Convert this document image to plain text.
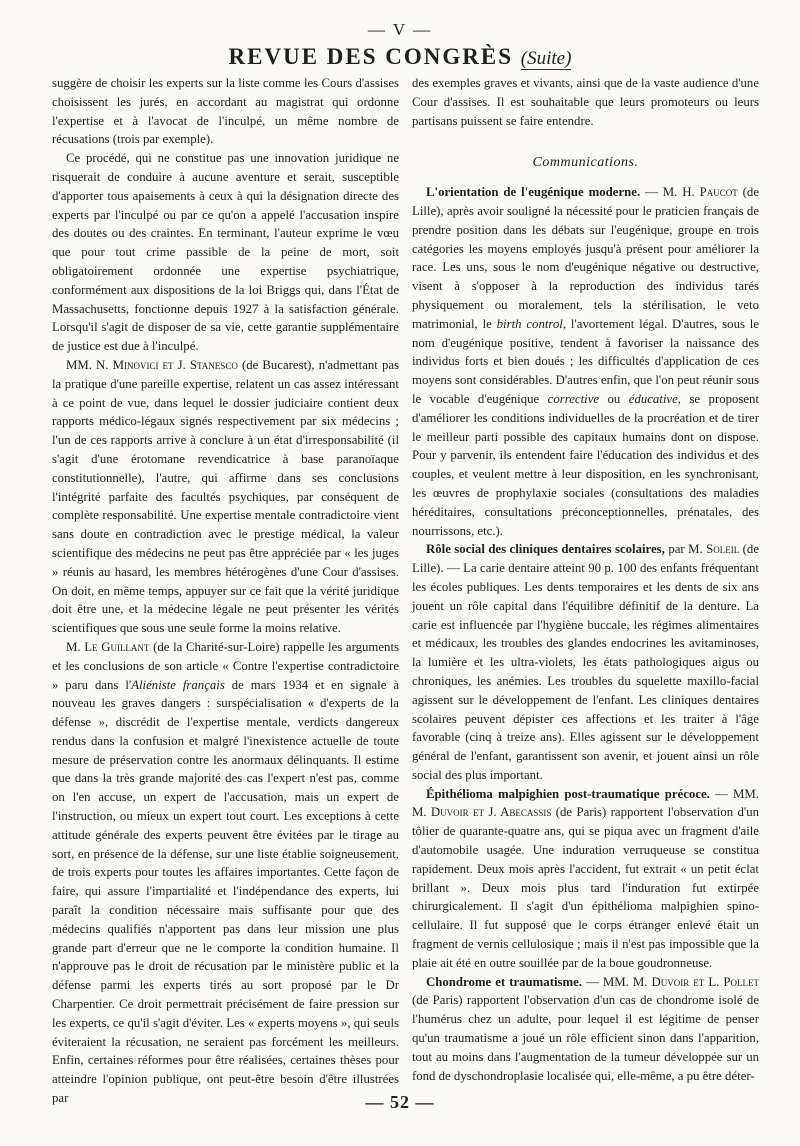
— V —
REVUE DES CONGRÈS (Suite)

suggère de choisir les experts sur la liste comme les Cours d'assises choisissent les jurés, en accordant au magistrat qui ordonne l'expertise et à l'avocat de l'inculpé, un même nombre de récusations (trois par exemple).

Ce procédé, qui ne constitue pas une innovation juridique ne risquerait de conduire à aucune aventure et serait, susceptible d'apporter tous apaisements à ceux à qui la désignation directe des experts par l'inculpé ou par ce qu'on a appelé l'accusation inspire des doutes ou des craintes. En terminant, l'auteur exprime le vœu que pour tout crime passible de la peine de mort, soit obligatoirement ordonnée une expertise psychiatrique, conformément aux dispositions de la loi Briggs qui, dans l'État de Massachusetts, fonctionne depuis 1927 à la satisfaction générale. Lorsqu'il s'agit de disposer de sa vie, cette garantie supplémentaire de justice est due à l'inculpé.

MM. N. Minovici et J. Stanesco (de Bucarest), n'admettant pas la pratique d'une pareille expertise, relatent un cas assez intéressant à ce point de vue, dans lequel le dossier judiciaire contient deux rapports médico-légaux signés respectivement par six médecins ; l'un de ces rapports arrive à conclure à un état d'irresponsabilité (il s'agit d'une érotomane revendicatrice à base paranoïaque constitutionnelle), l'autre, qui affirme dans ses conclusions l'intégrité parfaite des facultés psychiques, par conséquent de complète responsabilité. Une expertise mentale contradictoire vient sans doute en contradiction avec le prestige médical, la valeur scientifique des médecins ne peut pas être appréciée par « les juges » réunis au hasard, les membres hétérogènes d'une Cour d'assises. On doit, en même temps, appuyer sur ce fait que la vérité juridique doit être une, et la médecine légale ne peut présenter les vérités scientifiques que sous une seule forme la moins relative.

M. Le Guillant (de la Charité-sur-Loire) rappelle les arguments et les conclusions de son article « Contre l'expertise contradictoire » paru dans l'Aliéniste français de mars 1934 et en signale à nouveau les graves dangers : surspécialisation « d'experts de la défense », discrédit de l'expertise mentale, verdicts dangereux rendus dans la confusion et malgré l'inexistence actuelle de toute mesure de préservation contre les anormaux délinquants. Il estime que dans la très grande majorité des cas l'expert n'est pas, comme on l'en accuse, un expert de l'accusation, mais un expert de l'instruction, ou mieux un expert tout court. Les exceptions à cette attitude générale des experts peuvent être évitées par le tirage au sort, en présence de la défense, sur une liste établie soigneusement, de trois experts pour toutes les affaires importantes. Cette façon de faire, qui assure l'impartialité et l'indépendance des experts, lui paraît la condition nécessaire mais suffisante pour que des médecins qualifiés n'apportent pas dans leur mission une plus grande part d'erreur que ne le comporte la condition humaine. Il n'approuve pas le droit de récusation par le ministère public et la défense parmi les experts tirés au sort proposé par le Dr Charpentier. Ce droit permettrait précisément de faire pression sur les experts, ce qu'il s'agit d'éviter. Les « experts moyens », qui seuls éviteraient la récusation, ne seraient pas forcément les meilleurs. Enfin, certaines réformes pour être réalisées, certaines thèses pour atteindre l'opinion publique, ont peut-être besoin d'être illustrées par

des exemples graves et vivants, ainsi que de la vaste audience d'une Cour d'assises. Il est souhaitable que leurs promoteurs ou leurs partisans puissent se faire entendre.

Communications.

L'orientation de l'eugénique moderne. — M. H. Paucot (de Lille), après avoir souligné la nécessité pour le praticien français de prendre position dans les débats sur l'eugénique, groupe en trois catégories les moyens employés jusqu'à présent pour améliorer la race. Les uns, sous le nom d'eugénique négative ou destructive, visent à s'opposer à la reproduction des individus tarés physiquement ou moralement, tels la stérilisation, le veto matrimonial, le birth control, l'avortement légal. D'autres, sous le nom d'eugénique positive, tendent à favoriser la naissance des individus forts et bien doués ; les difficultés d'application de ces moyens sont considérables. D'autres enfin, que l'on peut réunir sous le vocable d'eugénique corrective ou éducative, se proposent d'améliorer les conditions individuelles de la procréation et de tirer le meilleur parti possible des capitaux humains dont on dispose. Pour y parvenir, ils entendent faire l'éducation des individus et des couples, et veulent mettre à leur disposition, en les synchronisant, les œuvres de prophylaxie sociales (consultations des maladies héréditaires, consultations préconceptionnelles, prénatales, des nourrissons, etc.).

Rôle social des cliniques dentaires scolaires, par M. Soleil (de Lille). — La carie dentaire atteint 90 p. 100 des enfants fréquentant les écoles publiques. Les dents temporaires et les dents de six ans jouent un rôle capital dans l'équilibre définitif de la denture. La carie est influencée par l'hygiène buccale, les régimes alimentaires et médicaux, les troubles des glandes endocrines les avitaminoses, la lumière et les ultra-violets, les états pathologiques aigus ou chroniques, les anémies. Les troubles du squelette maxillo-facial agissent sur le développement de l'enfant. Les cliniques dentaires scolaires peuvent dépister ces affections et les traiter à l'âge favorable (cinq à treize ans). Elles agissent sur le développement général de l'enfant, garantissent son avenir, et jouent ainsi un rôle social des plus important.

Épithélioma malpighien post-traumatique précoce. — MM. M. Duvoir et J. Abecassis (de Paris) rapportent l'observation d'un tôlier de quarante-quatre ans, qui se piqua avec un fragment d'aile d'automobile usagée. Une induration verruqueuse se constitua rapidement. Deux mois après l'accident, fut extrait « un petit éclat brillant ». Deux mois plus tard l'induration fut extirpée chirurgicalement. Il s'agit d'un épithélioma malpighien spino-cellulaire. Il fut supposé que le corps étranger enlevé était un fragment de vernis cellulosique ; mais il n'est pas impossible que la plaie ait été en outre souillée par de la boue goudronneuse.

Chondrome et traumatisme. — MM. M. Duvoir et L. Pollet (de Paris) rapportent l'observation d'un cas de chondrome isolé de l'humérus chez un adulte, pour lequel il est légitime de penser qu'un traumatisme a joué un rôle efficient sinon dans l'apparition, tout au moins dans l'augmentation de la tumeur développée sur un fond de dyschondroplasie localisée qui, elle-même, a pu être déter-

— 52 —
